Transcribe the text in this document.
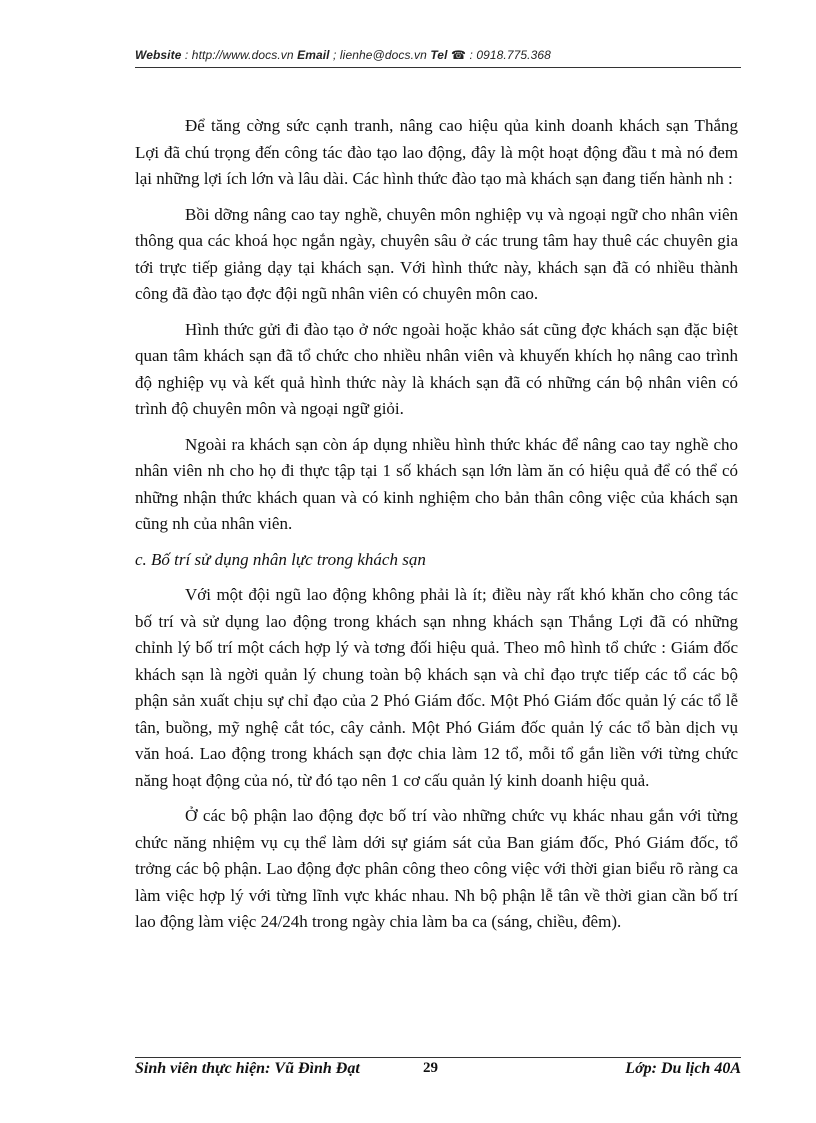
Website : http://www.docs.vn Email ; lienhe@docs.vn Tel ☎ : 0918.775.368

Để tăng cờng sức cạnh tranh, nâng cao hiệu qủa kinh doanh khách sạn Thắng Lợi đã chú trọng đến công tác đào tạo lao động, đây là một hoạt động đầu t mà nó đem lại những lợi ích lớn và lâu dài. Các hình thức đào tạo mà khách sạn đang tiến hành nh :

Bồi dỡng nâng cao tay nghề, chuyên môn nghiệp vụ và ngoại ngữ cho nhân viên thông qua các khoá học ngắn ngày, chuyên sâu ở các trung tâm hay thuê các chuyên gia tới trực tiếp giảng dạy tại khách sạn. Với hình thức này, khách sạn đã có nhiều thành công đã đào tạo đợc đội ngũ nhân viên có chuyên môn cao.

Hình thức gửi đi đào tạo ở nớc ngoài hoặc khảo sát cũng đợc khách sạn đặc biệt quan tâm khách sạn đã tổ chức cho nhiều nhân viên và khuyến khích họ nâng cao trình độ nghiệp vụ và kết quả hình thức này là khách sạn đã có những cán bộ nhân viên có trình độ chuyên môn và ngoại ngữ giỏi.

Ngoài ra khách sạn còn áp dụng nhiều hình thức khác để nâng cao tay nghề cho nhân viên nh cho họ đi thực tập tại 1 số khách sạn lớn làm ăn có hiệu quả để có thể có những nhận thức khách quan và có kinh nghiệm cho bản thân công việc của khách sạn cũng nh của nhân viên.

c. Bố trí sử dụng nhân lực trong khách sạn

Với một đội ngũ lao động không phải là ít; điều này rất khó khăn cho công tác bố trí và sử dụng lao động trong khách sạn nhng khách sạn Thắng Lợi đã có những chỉnh lý bố trí một cách hợp lý và tơng đối hiệu quả. Theo mô hình tổ chức : Giám đốc khách sạn là ngời quản lý chung toàn bộ khách sạn và chỉ đạo trực tiếp các tổ các bộ phận sản xuất chịu sự chỉ đạo của 2 Phó Giám đốc. Một Phó Giám đốc quản lý các tổ lễ tân, buồng, mỹ nghệ cắt tóc, cây cảnh. Một Phó Giám đốc quản lý các tổ bàn dịch vụ văn hoá. Lao động trong khách sạn đợc chia làm 12 tổ, mỗi tổ gắn liền với từng chức năng hoạt động của nó, từ đó tạo nên 1 cơ cấu quản lý kinh doanh hiệu quả.

Ở các bộ phận lao động đợc bố trí vào những chức vụ khác nhau gắn với từng chức năng nhiệm vụ cụ thể làm dới sự giám sát của Ban giám đốc, Phó Giám đốc, tổ trởng các bộ phận. Lao động đợc phân công theo công việc với thời gian biểu rõ ràng ca làm việc hợp lý với từng lĩnh vực khác nhau. Nh bộ phận lễ tân về thời gian cần bố trí lao động làm việc 24/24h trong ngày chia làm ba ca (sáng, chiều, đêm).

Sinh viên thực hiện: Vũ Đình Đạt	29	Lớp: Du lịch 40A
